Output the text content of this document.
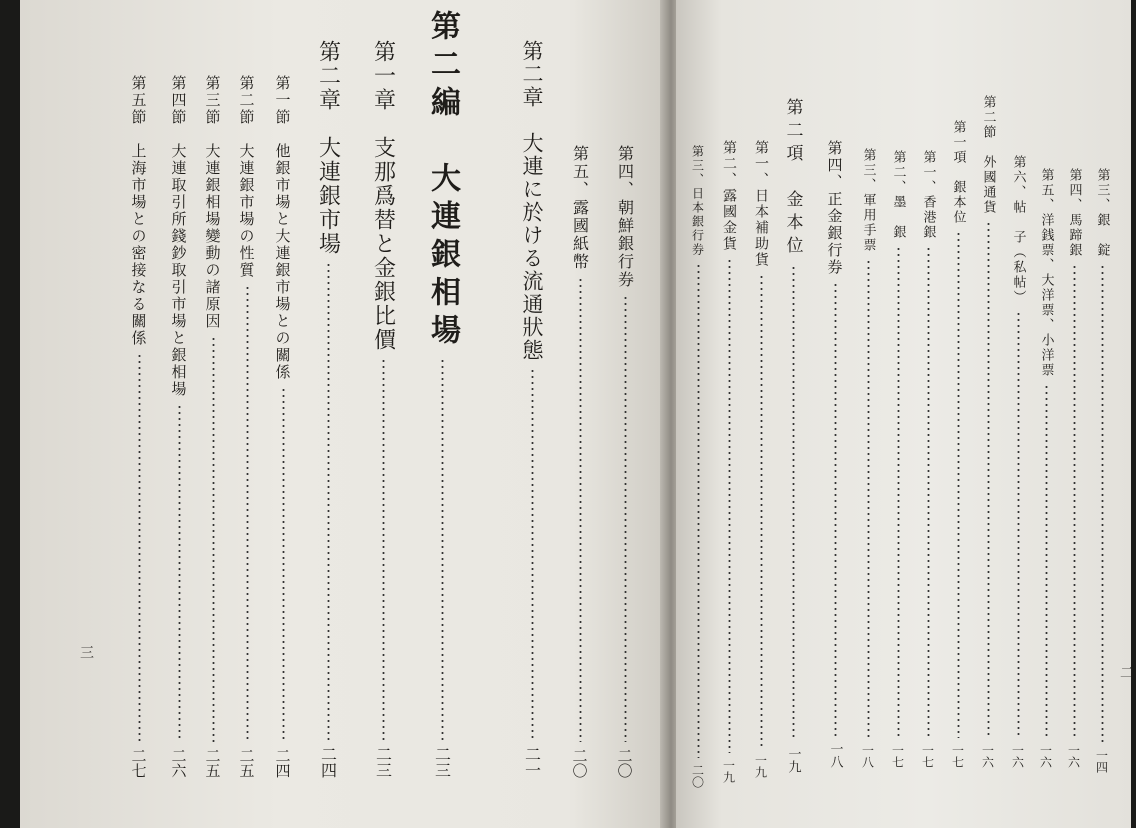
第四、朝鮮銀行券
二〇
第五、露國紙幣
二〇
第二章　大連に於ける流通狀態
二一
第二編　大連銀相場
二三
第一章　支那爲替と金銀比價
二三
第二章　大連銀市場
二四
第一節　他銀市場と大連銀市場との關係
二四
第二節　大連銀市場の性質
二五
第三節　大連銀相場變動の諸原因
二五
第四節　大連取引所錢鈔取引市場と銀相場
二六
第五節　上海市場との密接なる關係
二七
三
第三、銀　錠
一四
第四、馬蹄銀
一六
第五、洋銭票、大洋票、小洋票
一六
第六、帖　子（私帖）
一六
第二節　外國通貨
一六
第一項　銀本位
一七
第一、香港銀
一七
第二、墨　銀
一七
第三、軍用手票
一八
第四、正金銀行券
一八
第二項　金本位
一九
第一、日本補助貨
一九
第二、露國金貨
一九
第三、日本銀行券
二〇
二
